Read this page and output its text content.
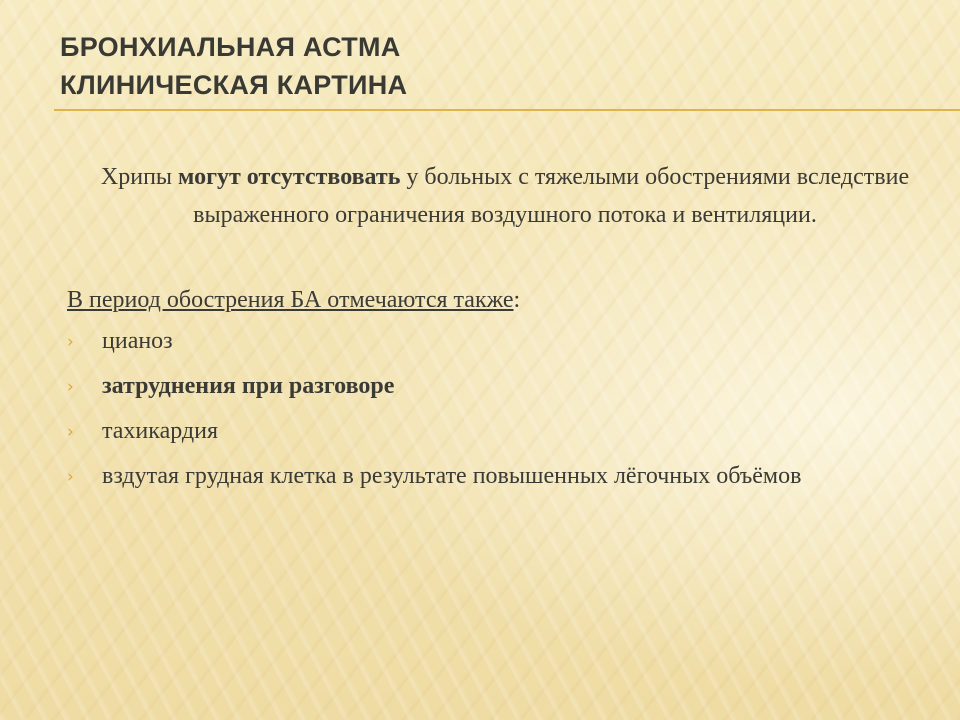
БРОНХИАЛЬНАЯ АСТМА
КЛИНИЧЕСКАЯ КАРТИНА
Хрипы могут отсутствовать у больных с тяжелыми обострениями вследствие выраженного ограничения воздушного потока и вентиляции.
В период обострения БА отмечаются также:
› цианоз
› затруднения при разговоре
› тахикардия
› вздутая грудная клетка в результате повышенных лёгочных объёмов
